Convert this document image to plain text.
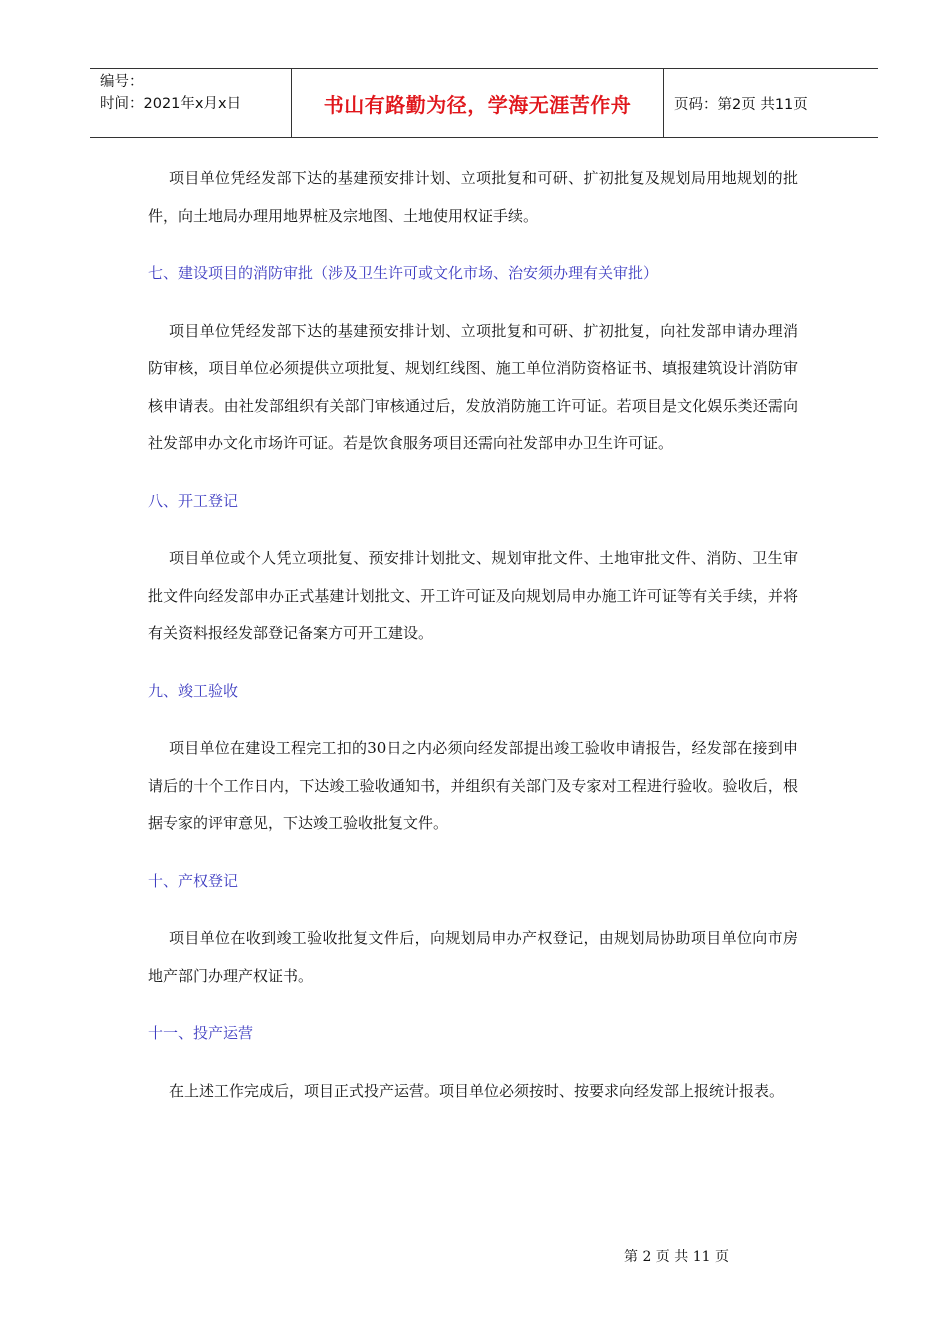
编号：
时间：2021年x月x日	书山有路勤为径，学海无涯苦作舟	页码：第2页 共11页

项目单位凭经发部下达的基建预安排计划、立项批复和可研、扩初批复及规划局用地规划的批件，向土地局办理用地界桩及宗地图、土地使用权证手续。

七、建设项目的消防审批（涉及卫生许可或文化市场、治安须办理有关审批）

项目单位凭经发部下达的基建预安排计划、立项批复和可研、扩初批复，向社发部申请办理消防审核，项目单位必须提供立项批复、规划红线图、施工单位消防资格证书、填报建筑设计消防审核申请表。由社发部组织有关部门审核通过后，发放消防施工许可证。若项目是文化娱乐类还需向社发部申办文化市场许可证。若是饮食服务项目还需向社发部申办卫生许可证。

八、开工登记

项目单位或个人凭立项批复、预安排计划批文、规划审批文件、土地审批文件、消防、卫生审批文件向经发部申办正式基建计划批文、开工许可证及向规划局申办施工许可证等有关手续，并将有关资料报经发部登记备案方可开工建设。

九、竣工验收

项目单位在建设工程完工扣的30日之内必须向经发部提出竣工验收申请报告，经发部在接到申请后的十个工作日内，下达竣工验收通知书，并组织有关部门及专家对工程进行验收。验收后，根据专家的评审意见，下达竣工验收批复文件。

十、产权登记

项目单位在收到竣工验收批复文件后，向规划局申办产权登记，由规划局协助项目单位向市房地产部门办理产权证书。

十一、投产运营

在上述工作完成后，项目正式投产运营。项目单位必须按时、按要求向经发部上报统计报表。

第 2 页 共 11 页
